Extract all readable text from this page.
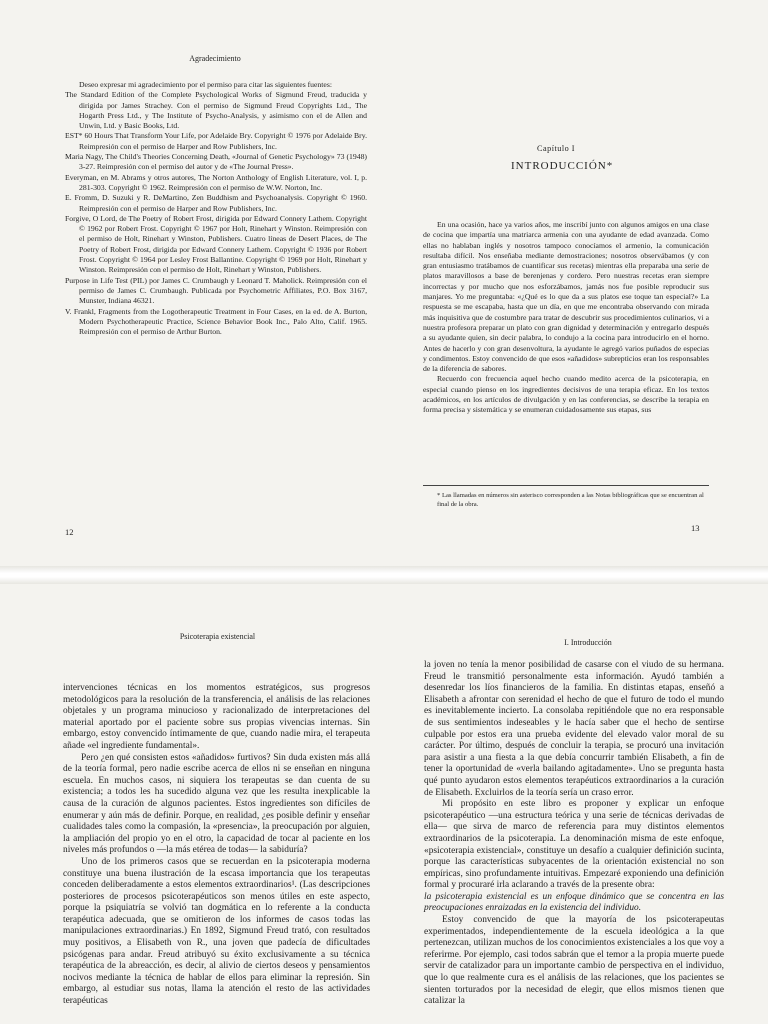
Agradecimiento

Deseo expresar mi agradecimiento por el permiso para citar las siguientes fuentes:

The Standard Edition of the Complete Psychological Works of Sigmund Freud, traducida y dirigida por James Strachey. Con el permiso de Sigmund Freud Copyrights Ltd., The Hogarth Press Ltd., y The Institute of Psycho-Analysis, y asimismo con el de Allen and Unwin, Ltd. y Basic Books, Ltd.

EST* 60 Hours That Transform Your Life, por Adelaide Bry. Copyright © 1976 por Adelaide Bry. Reimpresión con el permiso de Harper and Row Publishers, Inc.

Maria Nagy, The Child's Theories Concerning Death, «Journal of Genetic Psychology» 73 (1948) 3-27. Reimpresión con el permiso del autor y de «The Journal Press».

Everyman, en M. Abrams y otros autores, The Norton Anthology of English Literature, vol. I, p. 281-303. Copyright © 1962. Reimpresión con el permiso de W.W. Norton, Inc.

E. Fromm, D. Suzuki y R. DeMartino, Zen Buddhism and Psychoanalysis. Copyright © 1960. Reimpresión con el permiso de Harper and Row Publishers, Inc.

Forgive, O Lord, de The Poetry of Robert Frost, dirigida por Edward Connery Lathem. Copyright © 1962 por Robert Frost. Copyright © 1967 por Holt, Rinehart y Winston. Reimpresión con el permiso de Holt, Rinehart y Winston, Publishers. Cuatro líneas de Desert Places, de The Poetry of Robert Frost, dirigida por Edward Connery Lathem. Copyright © 1936 por Robert Frost. Copyright © 1964 por Lesley Frost Ballantine. Copyright © 1969 por Holt, Rinehart y Winston. Reimpresión con el permiso de Holt, Rinehart y Winston, Publishers.

Purpose in Life Test (PIL) por James C. Crumbaugh y Leonard T. Maholick. Reimpresión con el permiso de James C. Crumbaugh. Publicada por Psychometric Affiliates, P.O. Box 3167, Munster, Indiana 46321.

V. Frankl, Fragments from the Logotherapeutic Treatment in Four Cases, en la ed. de A. Burton, Modern Psychotherapeutic Practice, Science Behavior Book Inc., Palo Alto, Calif. 1965. Reimpresión con el permiso de Arthur Burton.

12
Capítulo I
INTRODUCCIÓN*

En una ocasión, hace ya varios años, me inscribí junto con algunos amigos en una clase de cocina que impartía una matriarca armenia con una ayudante de edad avanzada. Como ellas no hablaban inglés y nosotros tampoco conocíamos el armenio, la comunicación resultaba difícil. Nos enseñaba mediante demostraciones; nosotros observábamos (y con gran entusiasmo tratábamos de cuantificar sus recetas) mientras ella preparaba una serie de platos maravillosos a base de berenjenas y cordero. Pero nuestras recetas eran siempre incorrectas y por mucho que nos esforzábamos, jamás nos fue posible reproducir sus manjares. Yo me preguntaba: «¿Qué es lo que da a sus platos ese toque tan especial?» La respuesta se me escapaba, hasta que un día, en que me encontraba observando con mirada más inquisitiva que de costumbre para tratar de descubrir sus procedimientos culinarios, vi a nuestra profesora preparar un plato con gran dignidad y determinación y entregarlo después a su ayudante quien, sin decir palabra, lo condujo a la cocina para introducirlo en el horno. Antes de hacerlo y con gran desenvoltura, la ayudante le agregó varios puñados de especias y condimentos. Estoy convencido de que esos «añadidos» subrepticios eran los responsables de la diferencia de sabores.

Recuerdo con frecuencia aquel hecho cuando medito acerca de la psicoterapia, en especial cuando pienso en los ingredientes decisivos de una terapia eficaz. En los textos académicos, en los artículos de divulgación y en las conferencias, se describe la terapia en forma precisa y sistemática y se enumeran cuidadosamente sus etapas, sus

* Las llamadas en números sin asterisco corresponden a las Notas bibliográficas que se encuentran al final de la obra.

13
Psicoterapia existencial

intervenciones técnicas en los momentos estratégicos, sus progresos metodológicos para la resolución de la transferencia, el análisis de las relaciones objetales y un programa minucioso y racionalizado de interpretaciones del material aportado por el paciente sobre sus propias vivencias internas. Sin embargo, estoy convencido íntimamente de que, cuando nadie mira, el terapeuta añade «el ingrediente fundamental».

Pero ¿en qué consisten estos «añadidos» furtivos? Sin duda existen más allá de la teoría formal, pero nadie escribe acerca de ellos ni se enseñan en ninguna escuela. En muchos casos, ni siquiera los terapeutas se dan cuenta de su existencia; a todos les ha sucedido alguna vez que les resulta inexplicable la causa de la curación de algunos pacientes. Estos ingredientes son difíciles de enumerar y aún más de definir. Porque, en realidad, ¿es posible definir y enseñar cualidades tales como la compasión, la «presencia», la preocupación por alguien, la ampliación del propio yo en el otro, la capacidad de tocar al paciente en los niveles más profundos o —la más etérea de todas— la sabiduría?

Uno de los primeros casos que se recuerdan en la psicoterapia moderna constituye una buena ilustración de la escasa importancia que los terapeutas conceden deliberadamente a estos elementos extraordinarios¹. (Las descripciones posteriores de procesos psicoterapéuticos son menos útiles en este aspecto, porque la psiquiatría se volvió tan dogmática en lo referente a la conducta terapéutica adecuada, que se omitieron de los informes de casos todas las manipulaciones extraordinarias.) En 1892, Sigmund Freud trató, con resultados muy positivos, a Elisabeth von R., una joven que padecía de dificultades psicógenas para andar. Freud atribuyó su éxito exclusivamente a su técnica terapéutica de la abreacción, es decir, al alivio de ciertos deseos y pensamientos nocivos mediante la técnica de hablar de ellos para eliminar la represión. Sin embargo, al estudiar sus notas, llama la atención el resto de las actividades terapéuticas

I. Introducción

la joven no tenía la menor posibilidad de casarse con el viudo de su hermana. Freud le transmitió personalmente esta información. Ayudó también a desenredar los líos financieros de la familia. En distintas etapas, enseñó a Elisabeth a afrontar con serenidad el hecho de que el futuro de todo el mundo es inevitablemente incierto. La consolaba repitiéndole que no era responsable de sus sentimientos indeseables y le hacía saber que el hecho de sentirse culpable por estos era una prueba evidente del elevado valor moral de su carácter. Por último, después de concluir la terapia, se procuró una invitación para asistir a una fiesta a la que debía concurrir también Elisabeth, a fin de tener la oportunidad de «verla bailando agitadamente». Uno se pregunta hasta qué punto ayudaron estos elementos terapéuticos extraordinarios a la curación de Elisabeth. Excluirlos de la teoría sería un craso error.

Mi propósito en este libro es proponer y explicar un enfoque psicoterapéutico —una estructura teórica y una serie de técnicas derivadas de ella— que sirva de marco de referencia para muy distintos elementos extraordinarios de la psicoterapia. La denominación misma de este enfoque, «psicoterapia existencial», constituye un desafío a cualquier definición sucinta, porque las características subyacentes de la orientación existencial no son empíricas, sino profundamente intuitivas. Empezaré exponiendo una definición formal y procuraré irla aclarando a través de la presente obra:

la psicoterapia existencial es un enfoque dinámico que se concentra en las preocupaciones enraizadas en la existencia del individuo.

Estoy convencido de que la mayoría de los psicoterapeutas experimentados, independientemente de la escuela ideológica a la que pertenezcan, utilizan muchos de los conocimientos existenciales a los que voy a referirme. Por ejemplo, casi todos sabrán que el temor a la propia muerte puede servir de catalizador para un importante cambio de perspectiva en el individuo, que lo que realmente cura es el análisis de las relaciones, que los pacientes se sienten torturados por la necesidad de elegir, que ellos mismos tienen que catalizar la
